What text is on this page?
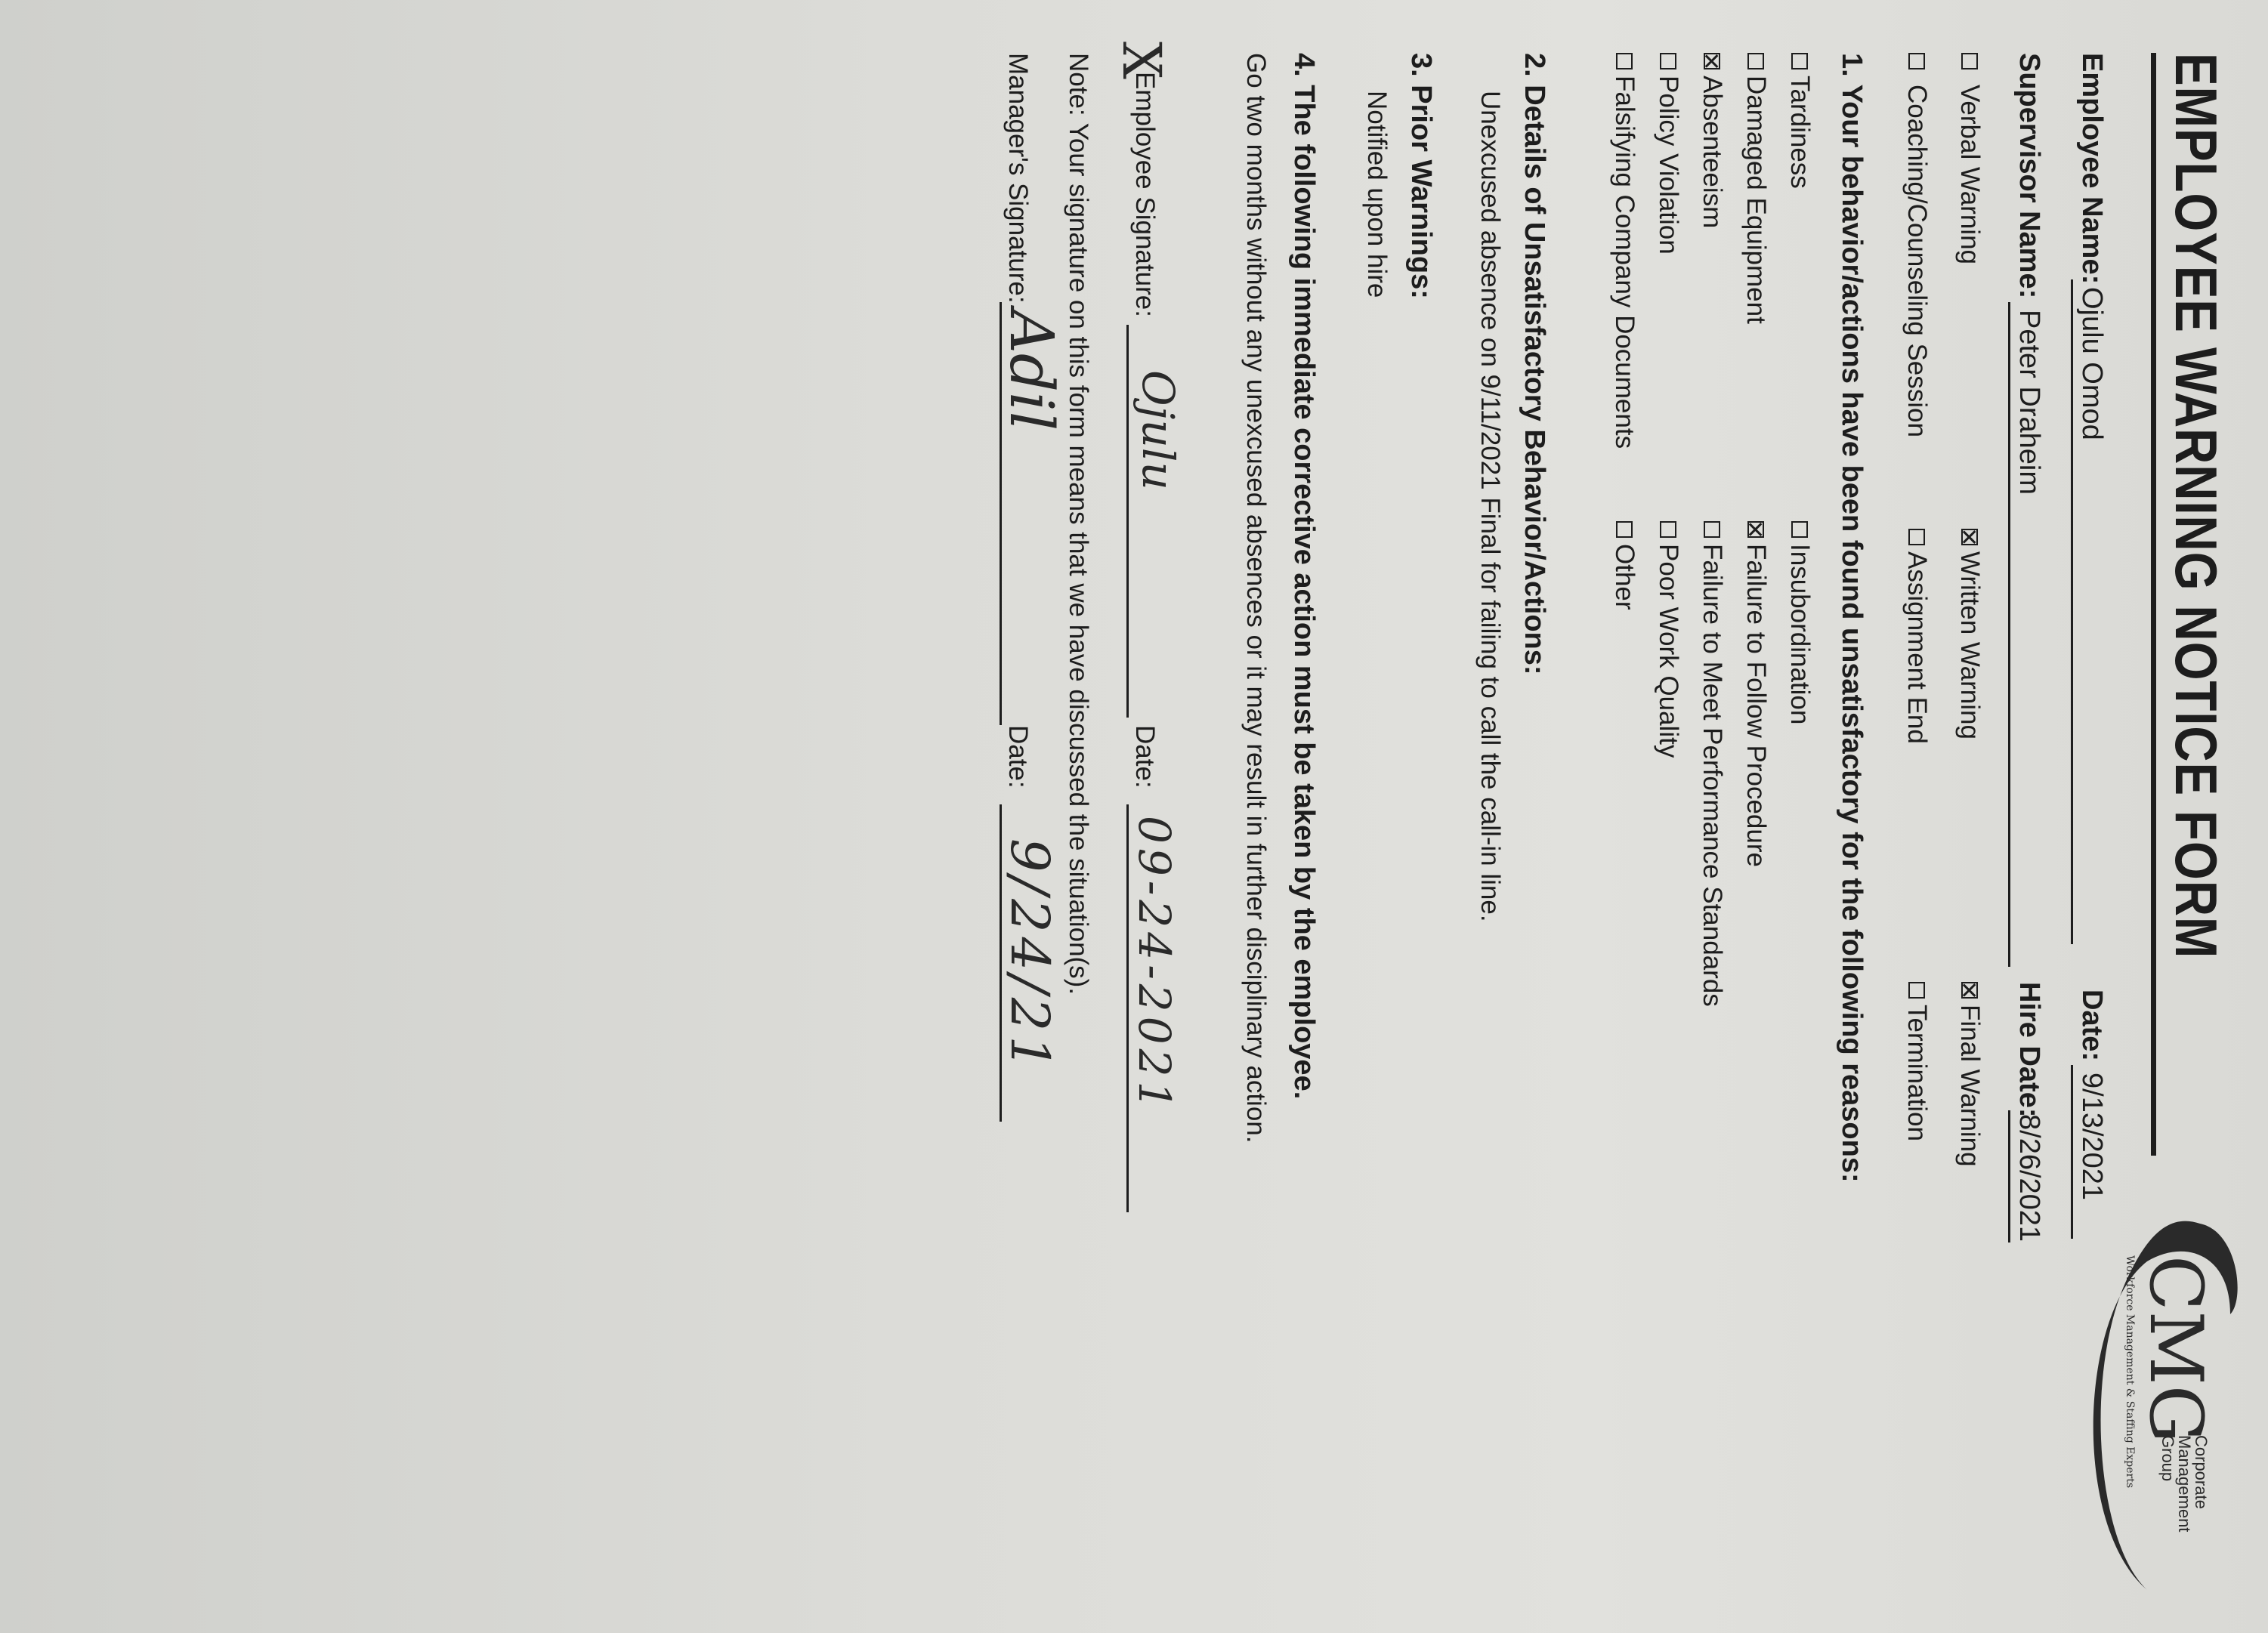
EMPLOYEE WARNING NOTICE FORM
CMG
Corporate
Management
Group
Workforce Management & Staffing Experts
Employee Name:
Ojulu Omod
Date:
9/13/2021
Supervisor Name:
Peter Draheim
Hire Date:
8/26/2021
Verbal Warning
Written Warning
Final Warning
Coaching/Counseling Session
Assignment End
Termination
1. Your behavior/actions have been found unsatisfactory for the following reasons:
Tardiness
Insubordination
Damaged Equipment
Failure to Follow Procedure
Absenteeism
Failure to Meet Performance Standards
Policy Violation
Poor Work Quality
Falsifying Company Documents
Other
2. Details of Unsatisfactory Behavior/Actions:
Unexcused absence on 9/11/2021 Final for failing to call the call-in line.
3. Prior Warnings:
Notified upon hire
4. The following immediate corrective action must be taken by the employee.
Go two months without any unexcused absences or it may result in further disciplinary action.
X
Employee Signature:
Ojulu
Date:
09-24-2021
Note: Your signature on this form means that we have discussed the situation(s).
Manager's Signature:
Adil
Date:
9/24/21
